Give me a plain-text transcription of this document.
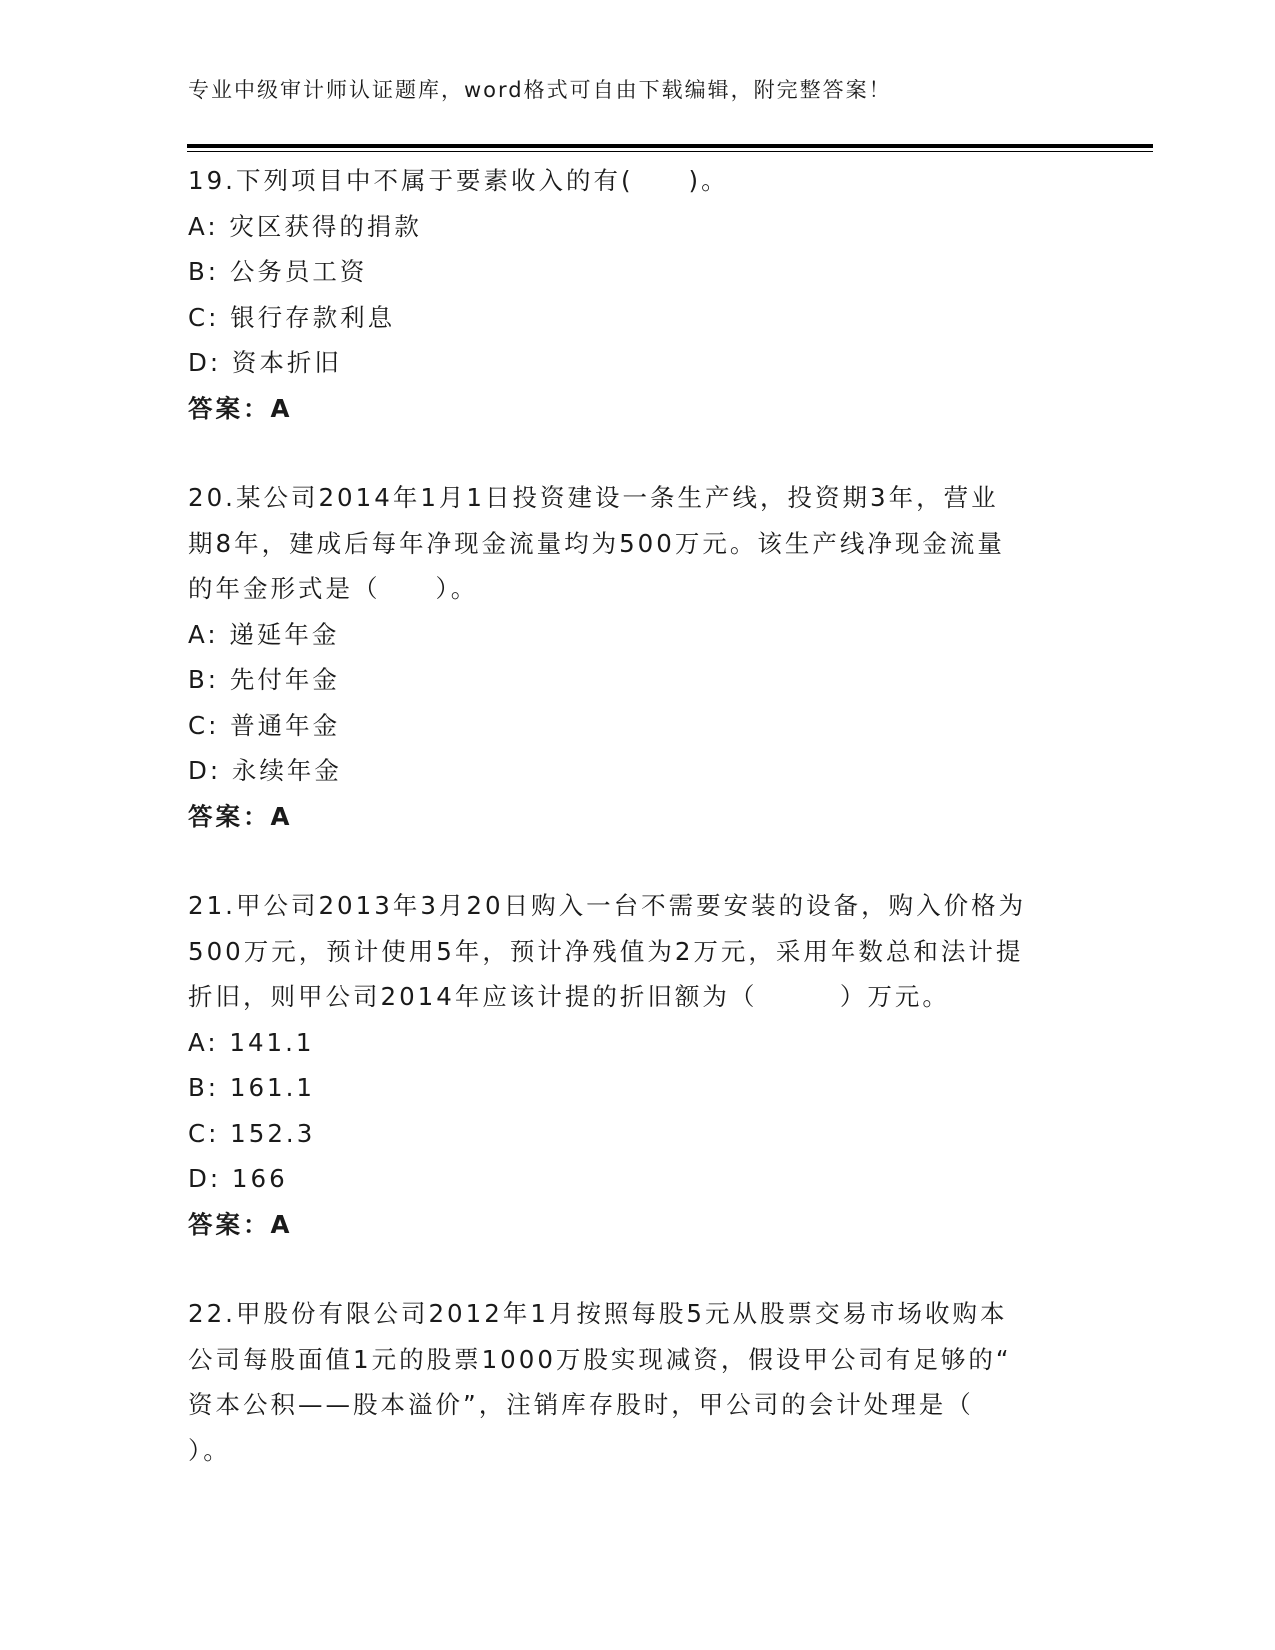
专业中级审计师认证题库，word格式可自由下载编辑，附完整答案！
19.下列项目中不属于要素收入的有(　　)。
A: 灾区获得的捐款
B: 公务员工资
C: 银行存款利息
D: 资本折旧
答案：A
20.某公司2014年1月1日投资建设一条生产线，投资期3年，营业
期8年，建成后每年净现金流量均为500万元。该生产线净现金流量
的年金形式是（　　）。
A: 递延年金
B: 先付年金
C: 普通年金
D: 永续年金
答案：A
21.甲公司2013年3月20日购入一台不需要安装的设备，购入价格为
500万元，预计使用5年，预计净残值为2万元，采用年数总和法计提
折旧，则甲公司2014年应该计提的折旧额为（　　　）万元。
A: 141.1
B: 161.1
C: 152.3
D: 166
答案：A
22.甲股份有限公司2012年1月按照每股5元从股票交易市场收购本
公司每股面值1元的股票1000万股实现减资，假设甲公司有足够的“
资本公积——股本溢价”，注销库存股时，甲公司的会计处理是（
）。
